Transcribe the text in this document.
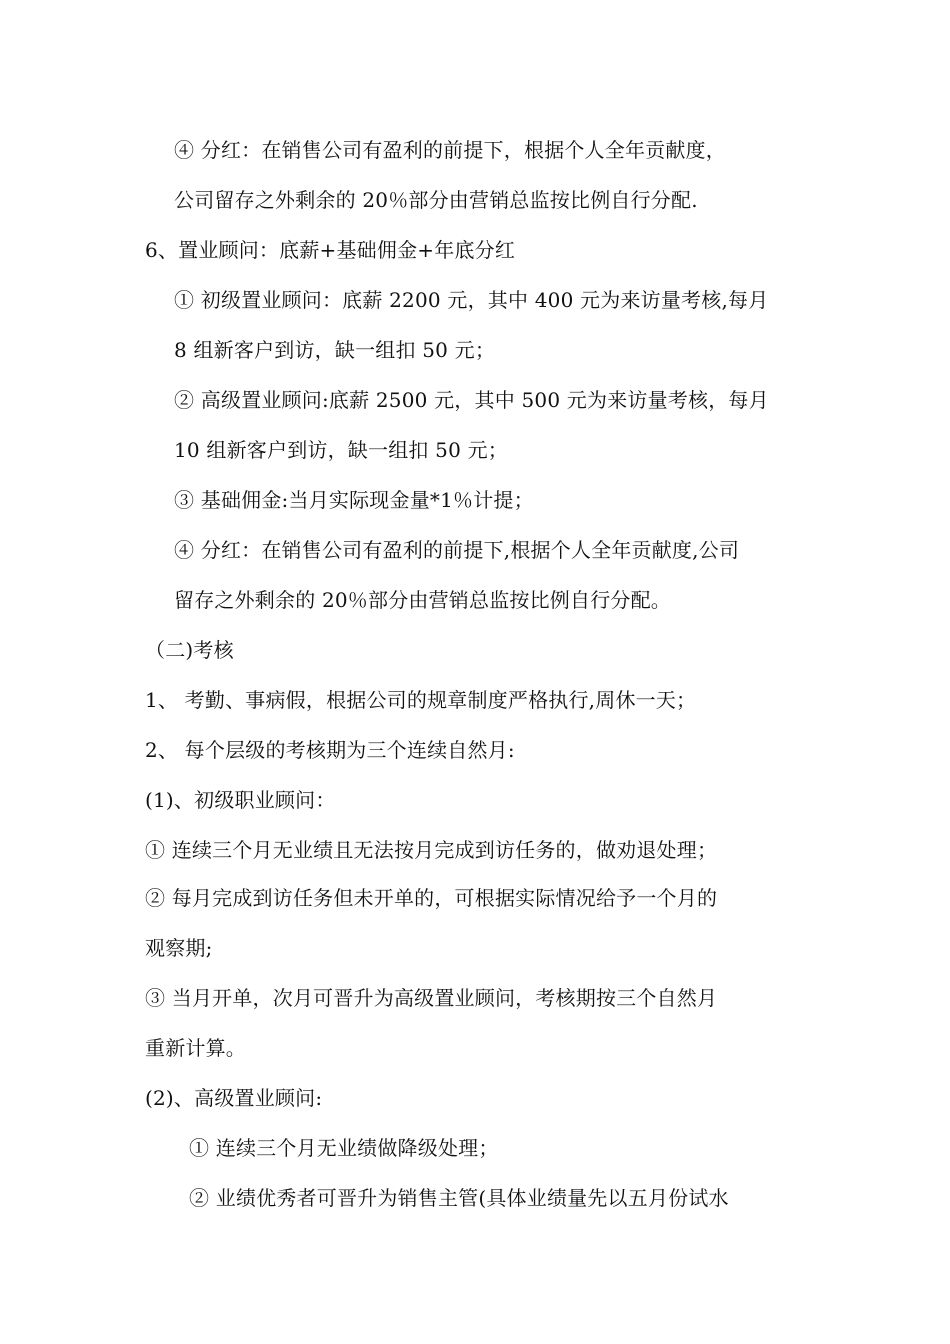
④ 分红：在销售公司有盈利的前提下，根据个人全年贡献度，
公司留存之外剩余的 20％部分由营销总监按比例自行分配.
6、置业顾问：底薪+基础佣金+年底分红
① 初级置业顾问：底薪 2200 元，其中 400 元为来访量考核,每月
8 组新客户到访，缺一组扣 50 元；
② 高级置业顾问:底薪 2500 元，其中 500 元为来访量考核，每月
10 组新客户到访，缺一组扣 50 元；
③ 基础佣金:当月实际现金量*1％计提；
④ 分红：在销售公司有盈利的前提下,根据个人全年贡献度,公司
留存之外剩余的 20％部分由营销总监按比例自行分配。
（二)考核
1、 考勤、事病假，根据公司的规章制度严格执行,周休一天；
2、 每个层级的考核期为三个连续自然月:
(1)、初级职业顾问：
① 连续三个月无业绩且无法按月完成到访任务的，做劝退处理；
② 每月完成到访任务但未开单的，可根据实际情况给予一个月的
观察期;
③ 当月开单，次月可晋升为高级置业顾问，考核期按三个自然月
重新计算。
(2)、高级置业顾问:
① 连续三个月无业绩做降级处理；
② 业绩优秀者可晋升为销售主管(具体业绩量先以五月份试水
